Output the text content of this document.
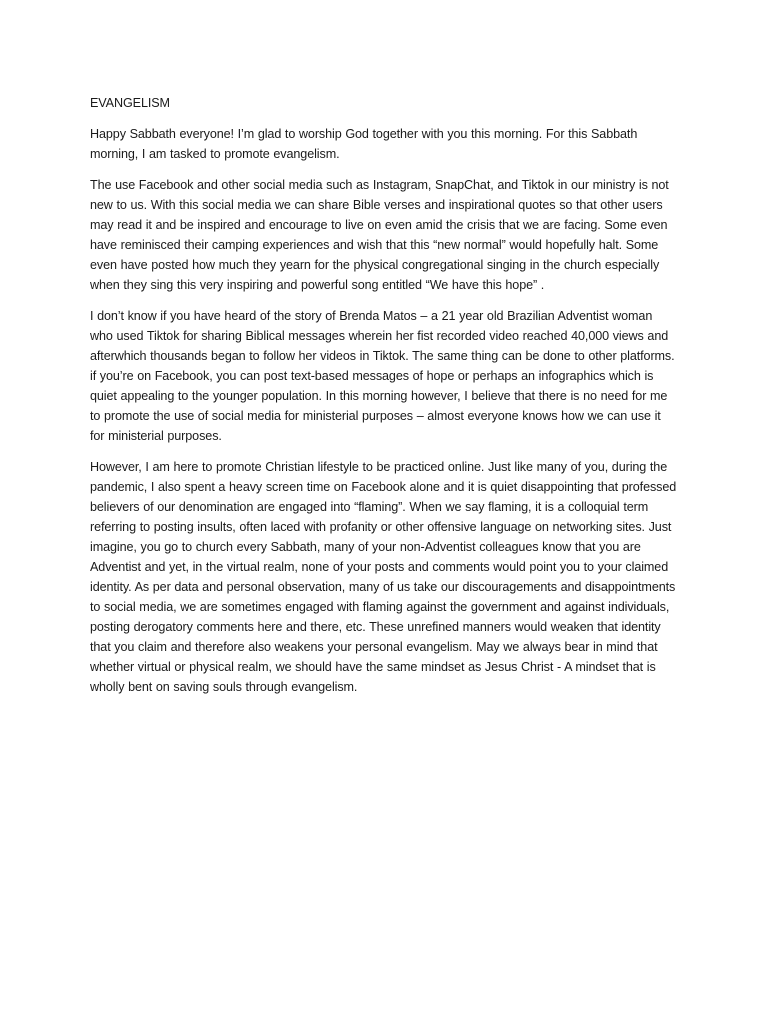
EVANGELISM

Happy Sabbath everyone! I’m glad to worship God together with you this morning. For this Sabbath morning, I am tasked to promote evangelism.

The use Facebook and other social media such as Instagram, SnapChat, and Tiktok in our ministry is not new to us. With this social media we can share Bible verses and inspirational quotes so that other users may read it and be inspired and encourage to live on even amid the crisis that we are facing. Some even have reminisced their camping experiences and wish that this “new normal” would hopefully halt. Some even have posted how much they yearn for the physical congregational singing in the church especially when they sing this very inspiring and powerful song entitled “We have this hope” .

I don’t know if you have heard of the story of Brenda Matos – a 21 year old Brazilian Adventist woman who used Tiktok for sharing Biblical messages wherein her fist recorded video reached 40,000 views and afterwhich thousands began to follow her videos in Tiktok. The same thing can be done to other platforms. if you’re on Facebook, you can post text-based messages of hope or perhaps an infographics which is quiet appealing to the younger population. In this morning however, I believe that there is no need for me to promote the use of social media for ministerial purposes – almost everyone knows how we can use it for ministerial purposes.

However, I am here to promote Christian lifestyle to be practiced online. Just like many of you, during the pandemic, I also spent a heavy screen time on Facebook alone and it is quiet disappointing that professed believers of our denomination are engaged into “flaming”. When we say flaming, it is a colloquial term referring to posting insults, often laced with profanity or other offensive language on networking sites. Just imagine, you go to church every Sabbath, many of your non-Adventist colleagues know that you are Adventist and yet, in the virtual realm, none of your posts and comments would point you to your claimed identity. As per data and personal observation, many of us take our discouragements and disappointments to social media, we are sometimes engaged with flaming against the government and against individuals, posting derogatory comments here and there, etc. These unrefined manners would weaken that identity that you claim and therefore also weakens your personal evangelism. May we always bear in mind that whether virtual or physical realm, we should have the same mindset as Jesus Christ - A mindset that is wholly bent on saving souls through evangelism.
